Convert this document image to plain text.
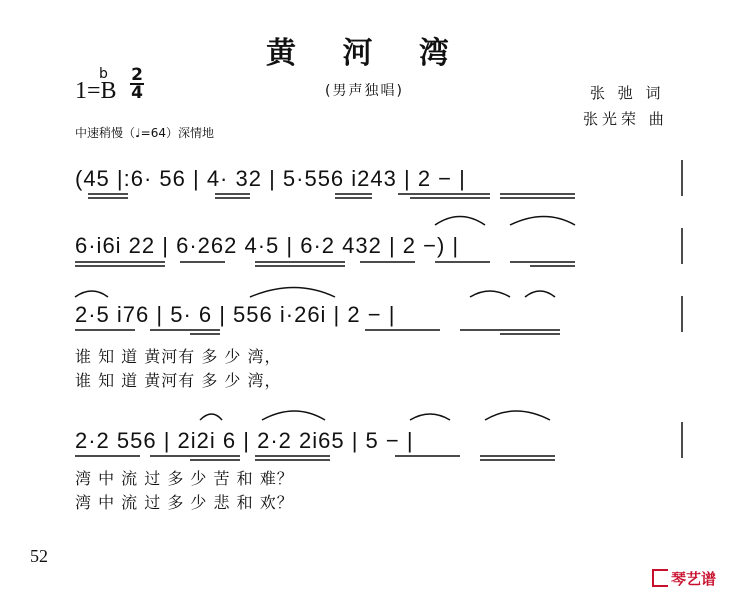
黄 河 湾
1=B
b 2
4	(男声独唱)	张 弛 词
张光荣 曲
中速稍慢（♩=64）深情地
(45 |:6· 56 | 4· 32 | 5·556 i243 | 2 − |
6·i6i 22 | 6·262 4·5 | 6·2 432 | 2 −) |
2·5 i76 | 5· 6 | 556 i·26i | 2 − |
谁 知 道 黄河有 多 少 湾，
谁 知 道 黄河有 多 少 湾，
2·2 556 | 2i2i 6 | 2·2 2i65 | 5 − |
湾 中 流 过 多 少 苦 和 难？
湾 中 流 过 多 少 悲 和 欢？
52
琴艺谱
